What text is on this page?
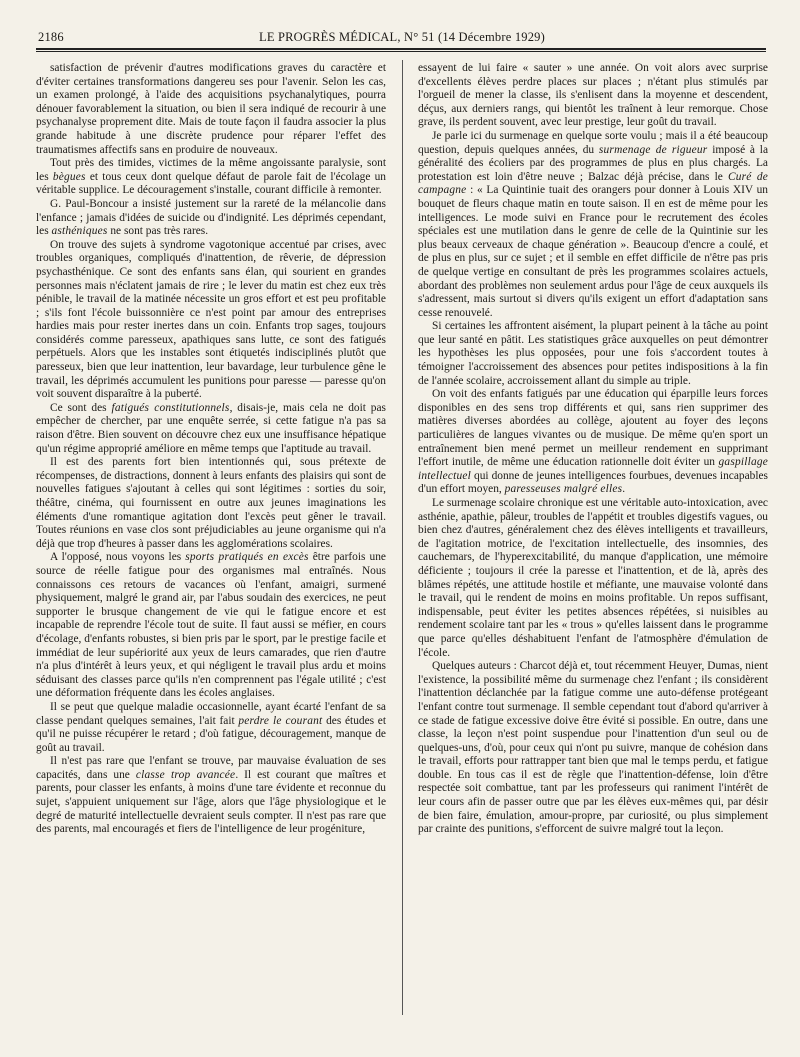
2186	LE PROGRÈS MÉDICAL, N° 51 (14 Décembre 1929)

satisfaction de prévenir d'autres modifications graves du caractère et d'éviter certaines transformations dangereu ses pour l'avenir. Selon les cas, un examen prolongé, à l'aide des acquisitions psychanalytiques, pourra dénouer favorablement la situation, ou bien il sera indiqué de recourir à une psychanalyse proprement dite. Mais de toute façon il faudra associer la plus grande habitude à une discrète prudence pour réparer l'effet des traumatismes affectifs sans en produire de nouveaux.

Tout près des timides, victimes de la même angoissante paralysie, sont les bègues et tous ceux dont quelque défaut de parole fait de l'écolage un véritable supplice. Le découragement s'installe, courant difficile à remonter.

G. Paul-Boncour a insisté justement sur la rareté de la mélancolie dans l'enfance ; jamais d'idées de suicide ou d'indignité. Les déprimés cependant, les asthéniques ne sont pas très rares.

On trouve des sujets à syndrome vagotonique accentué par crises, avec troubles organiques, compliqués d'inattention, de rêverie, de dépression psychasthénique. Ce sont des enfants sans élan, qui sourient en grandes personnes mais n'éclatent jamais de rire ; le lever du matin est chez eux très pénible, le travail de la matinée nécessite un gros effort et est peu profitable ; s'ils font l'école buissonnière ce n'est point par amour des entreprises hardies mais pour rester inertes dans un coin. Enfants trop sages, toujours considérés comme paresseux, apathiques sans lutte, ce sont des fatigués perpétuels. Alors que les instables sont étiquetés indisciplinés plutôt que paresseux, bien que leur inattention, leur bavardage, leur turbulence gêne le travail, les déprimés accumulent les punitions pour paresse — paresse qu'on voit souvent disparaître à la puberté.

Ce sont des fatigués constitutionnels, disais-je, mais cela ne doit pas empêcher de chercher, par une enquête serrée, si cette fatigue n'a pas sa raison d'être. Bien souvent on découvre chez eux une insuffisance hépatique qu'un régime approprié améliore en même temps que l'aptitude au travail.

Il est des parents fort bien intentionnés qui, sous prétexte de récompenses, de distractions, donnent à leurs enfants des plaisirs qui sont de nouvelles fatigues s'ajoutant à celles qui sont légitimes : sorties du soir, théâtre, cinéma, qui fournissent en outre aux jeunes imaginations les éléments d'une romantique agitation dont l'excès peut gêner le travail. Toutes réunions en vase clos sont préjudiciables au jeune organisme qui n'a déjà que trop d'heures à passer dans les agglomérations scolaires.

A l'opposé, nous voyons les sports pratiqués en excès être parfois une source de réelle fatigue pour des organismes mal entraînés. Nous connaissons ces retours de vacances où l'enfant, amaigri, surmené physiquement, malgré le grand air, par l'abus soudain des exercices, ne peut supporter le brusque changement de vie qui le fatigue encore et est incapable de reprendre l'école tout de suite. Il faut aussi se méfier, en cours d'écolage, d'enfants robustes, si bien pris par le sport, par le prestige facile et immédiat de leur supériorité aux yeux de leurs camarades, que rien d'autre n'a plus d'intérêt à leurs yeux, et qui négligent le travail plus ardu et moins séduisant des classes parce qu'ils n'en comprennent pas l'égale utilité ; c'est une déformation fréquente dans les écoles anglaises.

Il se peut que quelque maladie occasionnelle, ayant écarté l'enfant de sa classe pendant quelques semaines, l'ait fait perdre le courant des études et qu'il ne puisse récupérer le retard ; d'où fatigue, découragement, manque de goût au travail.

Il n'est pas rare que l'enfant se trouve, par mauvaise évaluation de ses capacités, dans une classe trop avancée. Il est courant que maîtres et parents, pour classer les enfants, à moins d'une tare évidente et reconnue du sujet, s'appuient uniquement sur l'âge, alors que l'âge physiologique et le degré de maturité intellectuelle devraient seuls compter. Il n'est pas rare que des parents, mal encouragés et fiers de l'intelligence de leur progéniture,

essayent de lui faire « sauter » une année. On voit alors avec surprise d'excellents élèves perdre places sur places ; n'étant plus stimulés par l'orgueil de mener la classe, ils s'enlisent dans la moyenne et descendent, déçus, aux derniers rangs, qui bientôt les traînent à leur remorque. Chose grave, ils perdent souvent, avec leur prestige, leur goût du travail.

Je parle ici du surmenage en quelque sorte voulu ; mais il a été beaucoup question, depuis quelques années, du surmenage de rigueur imposé à la généralité des écoliers par des programmes de plus en plus chargés. La protestation est loin d'être neuve ; Balzac déjà précise, dans le Curé de campagne : « La Quintinie tuait des orangers pour donner à Louis XIV un bouquet de fleurs chaque matin en toute saison. Il en est de même pour les intelligences. Le mode suivi en France pour le recrutement des écoles spéciales est une mutilation dans le genre de celle de la Quintinie sur les plus beaux cerveaux de chaque génération ». Beaucoup d'encre a coulé, et de plus en plus, sur ce sujet ; et il semble en effet difficile de n'être pas pris de quelque vertige en consultant de près les programmes scolaires actuels, abordant des problèmes non seulement ardus pour l'âge de ceux auxquels ils s'adressent, mais surtout si divers qu'ils exigent un effort d'adaptation sans cesse renouvelé.

Si certaines les affrontent aisément, la plupart peinent à la tâche au point que leur santé en pâtit. Les statistiques grâce auxquelles on peut démontrer les hypothèses les plus opposées, pour une fois s'accordent toutes à témoigner l'accroissement des absences pour petites indispositions à la fin de l'année scolaire, accroissement allant du simple au triple.

On voit des enfants fatigués par une éducation qui éparpille leurs forces disponibles en des sens trop différents et qui, sans rien supprimer des matières diverses abordées au collège, ajoutent au foyer des leçons particulières de langues vivantes ou de musique. De même qu'en sport un entraînement bien mené permet un meilleur rendement en supprimant l'effort inutile, de même une éducation rationnelle doit éviter un gaspillage intellectuel qui donne de jeunes intelligences fourbues, devenues incapables d'un effort moyen, paresseuses malgré elles.

Le surmenage scolaire chronique est une véritable auto-intoxication, avec asthénie, apathie, pâleur, troubles de l'appétit et troubles digestifs vagues, ou bien chez d'autres, généralement chez des élèves intelligents et travailleurs, de l'agitation motrice, de l'excitation intellectuelle, des insomnies, des cauchemars, de l'hyperexcitabilité, du manque d'application, une mémoire déficiente ; toujours il crée la paresse et l'inattention, et de là, après des blâmes répétés, une attitude hostile et méfiante, une mauvaise volonté dans le travail, qui le rendent de moins en moins profitable. Un repos suffisant, indispensable, peut éviter les petites absences répétées, si nuisibles au rendement scolaire tant par les « trous » qu'elles laissent dans le programme que parce qu'elles déshabituent l'enfant de l'atmosphère d'émulation de l'école.

Quelques auteurs : Charcot déjà et, tout récemment Heuyer, Dumas, nient l'existence, la possibilité même du surmenage chez l'enfant ; ils considèrent l'inattention déclanchée par la fatigue comme une auto-défense protégeant l'enfant contre tout surmenage. Il semble cependant tout d'abord qu'arriver à ce stade de fatigue excessive doive être évité si possible. En outre, dans une classe, la leçon n'est point suspendue pour l'inattention d'un seul ou de quelques-uns, d'où, pour ceux qui n'ont pu suivre, manque de cohésion dans le travail, efforts pour rattrapper tant bien que mal le temps perdu, et fatigue double. En tous cas il est de règle que l'inattention-défense, loin d'être respectée soit combattue, tant par les professeurs qui raniment l'intérêt de leur cours afin de passer outre que par les élèves eux-mêmes qui, par désir de bien faire, émulation, amour-propre, par curiosité, ou plus simplement par crainte des punitions, s'efforcent de suivre malgré tout la leçon.
